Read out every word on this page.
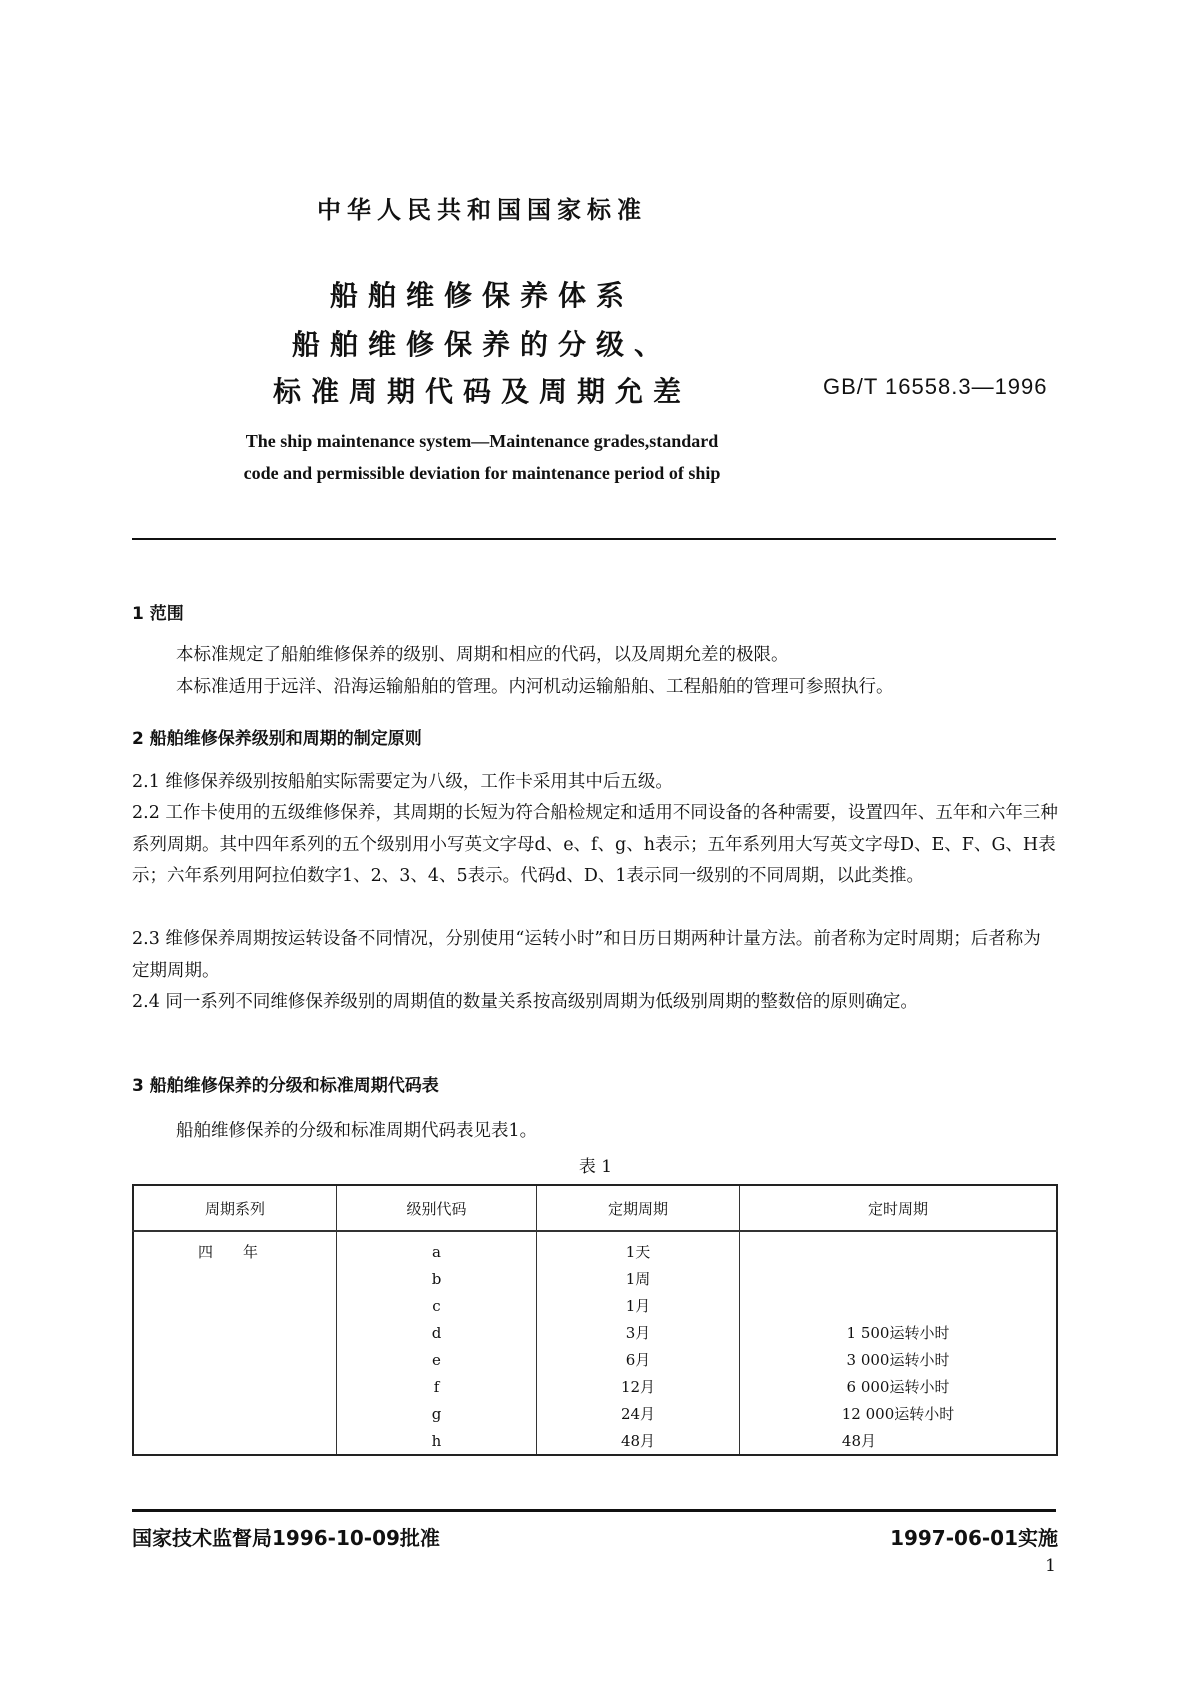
中华人民共和国国家标准
船舶维修保养体系
船舶维修保养的分级、
标准周期代码及周期允差	GB/T 16558.3—1996
The ship maintenance system—Maintenance grades,standard
code and permissible deviation for maintenance period of ship
1 范围
本标准规定了船舶维修保养的级别、周期和相应的代码，以及周期允差的极限。
本标准适用于远洋、沿海运输船舶的管理。内河机动运输船舶、工程船舶的管理可参照执行。
2 船舶维修保养级别和周期的制定原则
2.1 维修保养级别按船舶实际需要定为八级，工作卡采用其中后五级。
2.2 工作卡使用的五级维修保养，其周期的长短为符合船检规定和适用不同设备的各种需要，设置四年、五年和六年三种系列周期。其中四年系列的五个级别用小写英文字母d、e、f、g、h表示；五年系列用大写英文字母D、E、F、G、H表示；六年系列用阿拉伯数字1、2、3、4、5表示。代码d、D、1表示同一级别的不同周期，以此类推。
2.3 维修保养周期按运转设备不同情况，分别使用“运转小时”和日历日期两种计量方法。前者称为定时周期；后者称为定期周期。
2.4 同一系列不同维修保养级别的周期值的数量关系按高级别周期为低级别周期的整数倍的原则确定。
3 船舶维修保养的分级和标准周期代码表
船舶维修保养的分级和标准周期代码表见表1。
表 1
周期系列	级别代码	定期周期	定时周期
四　　年	a	1天	
	b	1周	
	c	1月	
	d	3月	1 500运转小时
	e	6月	3 000运转小时
	f	12月	6 000运转小时
	g	24月	12 000运转小时
	h	48月	48月
国家技术监督局1996-10-09批准	1997-06-01实施
1
